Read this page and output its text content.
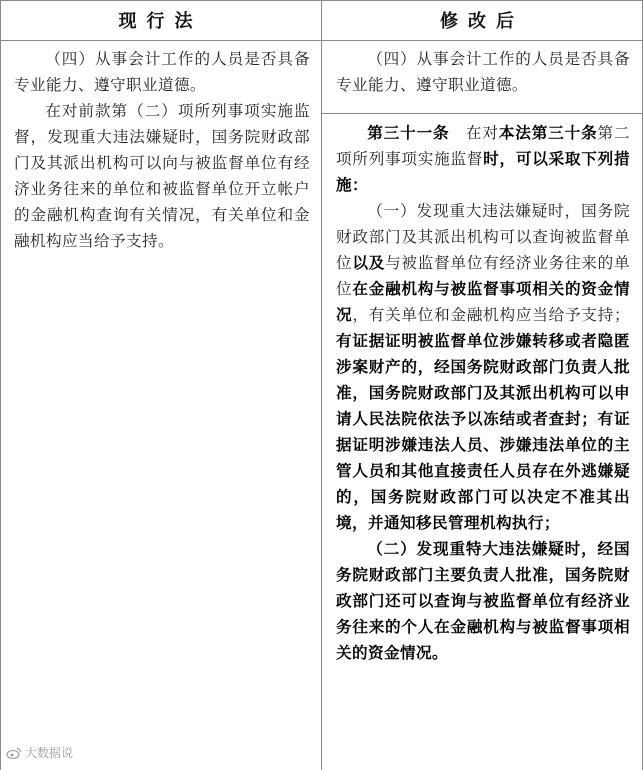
现行法	修改后

（四）从事会计工作的人员是否具备专业能力、遵守职业道德。

在对前款第（二）项所列事项实施监督，发现重大违法嫌疑时，国务院财政部门及其派出机构可以向与被监督单位有经济业务往来的单位和被监督单位开立帐户的金融机构查询有关情况，有关单位和金融机构应当给予支持。

（四）从事会计工作的人员是否具备专业能力、遵守职业道德。

第三十一条　在对本法第三十条第二项所列事项实施监督时，可以采取下列措施：

（一）发现重大违法嫌疑时，国务院财政部门及其派出机构可以查询被监督单位以及与被监督单位有经济业务往来的单位在金融机构与被监督事项相关的资金情况，有关单位和金融机构应当给予支持；有证据证明被监督单位涉嫌转移或者隐匿涉案财产的，经国务院财政部门负责人批准，国务院财政部门及其派出机构可以申请人民法院依法予以冻结或者查封；有证据证明涉嫌违法人员、涉嫌违法单位的主管人员和其他直接责任人员存在外逃嫌疑的，国务院财政部门可以决定不准其出境，并通知移民管理机构执行；

（二）发现重特大违法嫌疑时，经国务院财政部门主要负责人批准，国务院财政部门还可以查询与被监督单位有经济业务往来的个人在金融机构与被监督事项相关的资金情况。

大数据说
